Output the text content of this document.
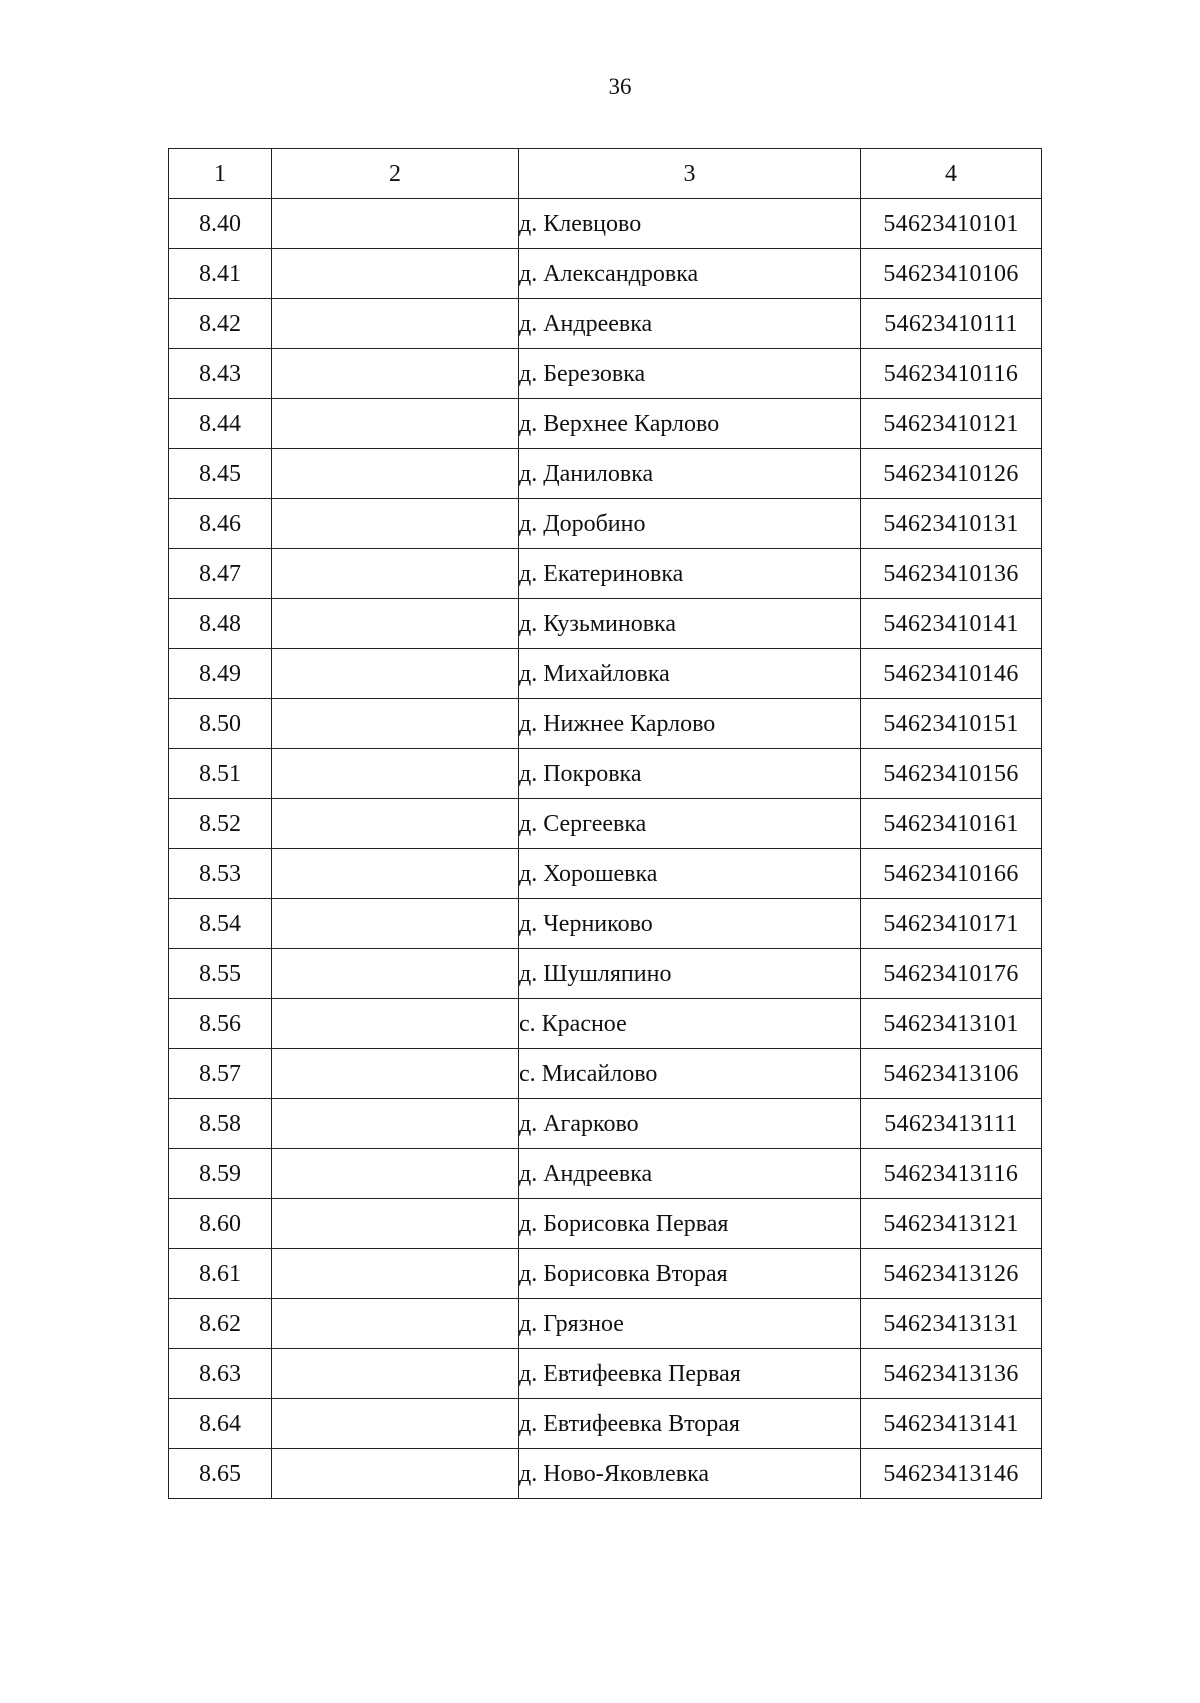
36
1	2	3	4
8.40		д. Клевцово	54623410101
8.41		д. Александровка	54623410106
8.42		д. Андреевка	54623410111
8.43		д. Березовка	54623410116
8.44		д. Верхнее Карлово	54623410121
8.45		д. Даниловка	54623410126
8.46		д. Доробино	54623410131
8.47		д. Екатериновка	54623410136
8.48		д. Кузьминовка	54623410141
8.49		д. Михайловка	54623410146
8.50		д. Нижнее Карлово	54623410151
8.51		д. Покровка	54623410156
8.52		д. Сергеевка	54623410161
8.53		д. Хорошевка	54623410166
8.54		д. Черниково	54623410171
8.55		д. Шушляпино	54623410176
8.56		с. Красное	54623413101
8.57		с. Мисайлово	54623413106
8.58		д. Агарково	54623413111
8.59		д. Андреевка	54623413116
8.60		д. Борисовка Первая	54623413121
8.61		д. Борисовка Вторая	54623413126
8.62		д. Грязное	54623413131
8.63		д. Евтифеевка Первая	54623413136
8.64		д. Евтифеевка Вторая	54623413141
8.65		д. Ново-Яковлевка	54623413146
